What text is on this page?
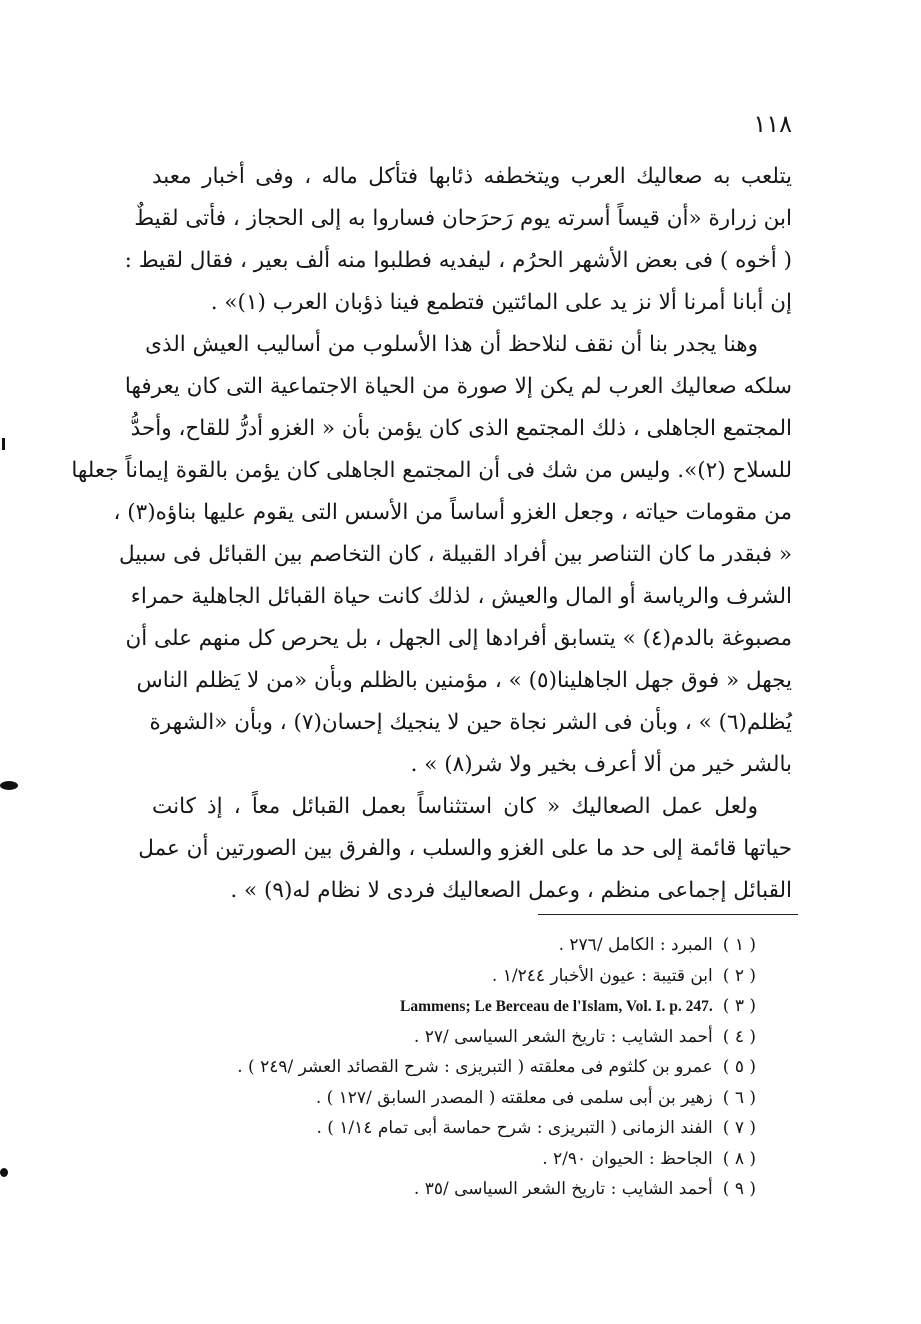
١١٨
يتلعب به صعاليك العرب ويتخطفه ذئابها فتأكل ماله ، وفى أخبار معبد
ابن زرارة «أن قيساً أسرته يوم رَحرَحان فساروا به إلى الحجاز ، فأتى لقيطٌ
( أخوه ) فى بعض الأشهر الحرُم ، ليفديه فطلبوا منه ألف بعير ، فقال لقيط :
إن أبانا أمرنا ألا نز يد على المائتين فتطمع فينا ذؤبان العرب (١)» .
وهنا يجدر بنا أن نقف لنلاحظ أن هذا الأسلوب من أساليب العيش الذى
سلكه صعاليك العرب لم يكن إلا صورة من الحياة الاجتماعية التى كان يعرفها
المجتمع الجاهلى ، ذلك المجتمع الذى كان يؤمن بأن « الغزو أدرُّ للقاح، وأحدُّ
للسلاح (٢)». وليس من شك فى أن المجتمع الجاهلى كان يؤمن بالقوة إيماناً جعلها
من مقومات حياته ، وجعل الغزو أساساً من الأسس التى يقوم عليها بناؤه(٣) ،
« فبقدر ما كان التناصر بين أفراد القبيلة ، كان التخاصم بين القبائل فى سبيل
الشرف والرياسة أو المال والعيش ، لذلك كانت حياة القبائل الجاهلية حمراء
مصبوغة بالدم(٤) » يتسابق أفرادها إلى الجهل ، بل يحرص كل منهم على أن
يجهل « فوق جهل الجاهلينا(٥) » ، مؤمنين بالظلم وبأن «من لا يَظلم الناس
يُظلم(٦) » ، وبأن فى الشر نجاة حين لا ينجيك إحسان(٧) ، وبأن «الشهرة
بالشر خير من ألا أعرف بخير ولا شر(٨) » .
ولعل عمل الصعاليك « كان استثناساً بعمل القبائل معاً ، إذ كانت
حياتها قائمة إلى حد ما على الغزو والسلب ، والفرق بين الصورتين أن عمل
القبائل إجماعى منظم ، وعمل الصعاليك فردى لا نظام له(٩) » .
( ١ )المبرد : الكامل /٢٧٦ .
( ٢ )ابن قتيبة : عيون الأخبار ١/٢٤٤ .
( ٣ )Lammens; Le Berceau de l'Islam, Vol. I. p. 247.
( ٤ )أحمد الشايب : تاريخ الشعر السياسى /٢٧ .
( ٥ )عمرو بن كلثوم فى معلقته ( التبريزى : شرح القصائد العشر /٢٤٩ ) .
( ٦ )زهير بن أبى سلمى فى معلقته ( المصدر السابق /١٢٧ ) .
( ٧ )الفند الزمانى ( التبريزى : شرح حماسة أبى تمام ١/١٤ ) .
( ٨ )الجاحظ : الحيوان ٢/٩٠ .
( ٩ )أحمد الشايب : تاريخ الشعر السياسى /٣٥ .
